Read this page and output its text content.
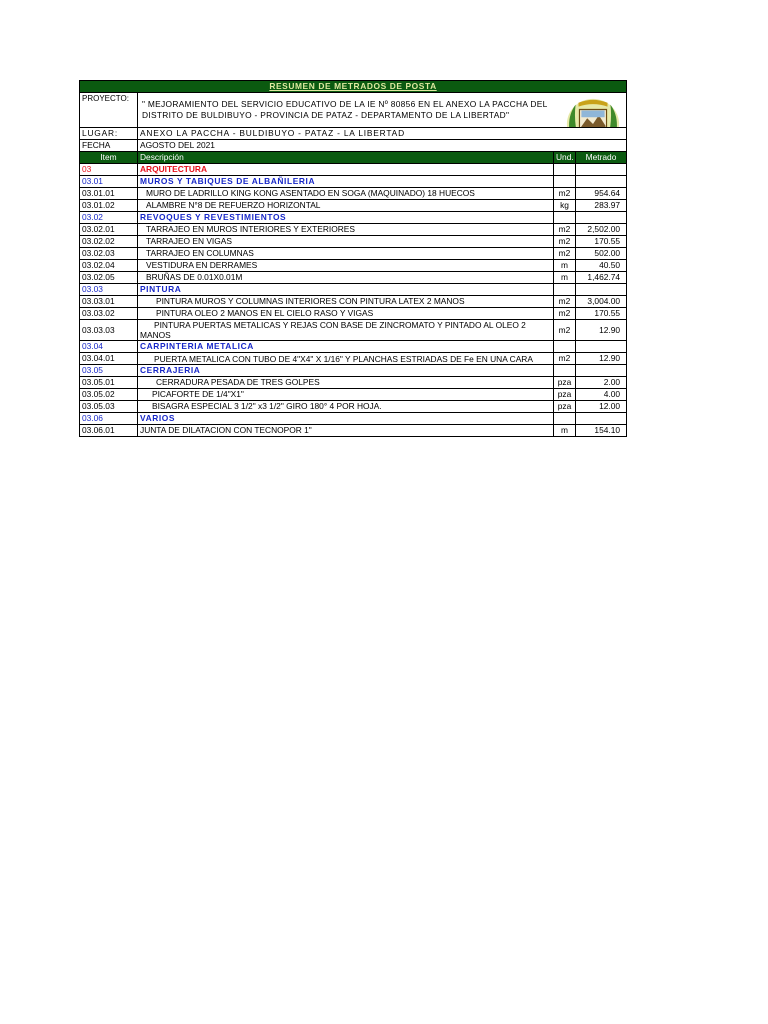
RESUMEN DE METRADOS DE POSTA			
PROYECTO:	" MEJORAMIENTO DEL SERVICIO EDUCATIVO DE LA IE Nº 80856 EN EL ANEXO LA PACCHA DEL DISTRITO DE BULDIBUYO - PROVINCIA DE PATAZ - DEPARTAMENTO DE LA LIBERTAD"		

LUGAR:	ANEXO LA PACCHA - BULDIBUYO - PATAZ - LA LIBERTAD		
FECHA	AGOSTO DEL 2021		
Item	Descripción	Und.	Metrado
03	ARQUITECTURA		
03.01	MUROS Y TABIQUES DE ALBAÑILERIA		
03.01.01	MURO DE LADRILLO KING KONG ASENTADO EN SOGA (MAQUINADO) 18 HUECOS	m2	954.64
03.01.02	ALAMBRE N°8 DE REFUERZO HORIZONTAL	kg	283.97
03.02	REVOQUES Y REVESTIMIENTOS		
03.02.01	TARRAJEO EN MUROS INTERIORES Y EXTERIORES	m2	2,502.00
03.02.02	TARRAJEO EN VIGAS	m2	170.55
03.02.03	TARRAJEO EN COLUMNAS	m2	502.00
03.02.04	VESTIDURA EN DERRAMES	m	40.50
03.02.05	BRUÑAS DE 0.01X0.01M	m	1,462.74
03.03	PINTURA		
03.03.01	PINTURA MUROS Y COLUMNAS INTERIORES CON PINTURA LATEX 2 MANOS	m2	3,004.00
03.03.02	PINTURA OLEO 2 MANOS EN EL CIELO RASO Y VIGAS	m2	170.55
03.03.03	PINTURA PUERTAS METALICAS Y REJAS CON BASE DE ZINCROMATO Y PINTADO AL OLEO 2 MANOS	m2	12.90
03.04	CARPINTERIA METALICA		
03.04.01	PUERTA METALICA CON TUBO DE 4"X4" X 1/16" Y PLANCHAS ESTRIADAS DE Fe EN UNA CARA	m2	12.90
03.05	CERRAJERIA		
03.05.01	CERRADURA PESADA DE TRES GOLPES	pza	2.00
03.05.02	PICAFORTE DE 1/4"X1"	pza	4.00
03.05.03	BISAGRA ESPECIAL 3 1/2" x3 1/2" GIRO 180° 4 POR HOJA.	pza	12.00
03.06	VARIOS		
03.06.01	JUNTA DE DILATACION CON TECNOPOR 1"	m	154.10
